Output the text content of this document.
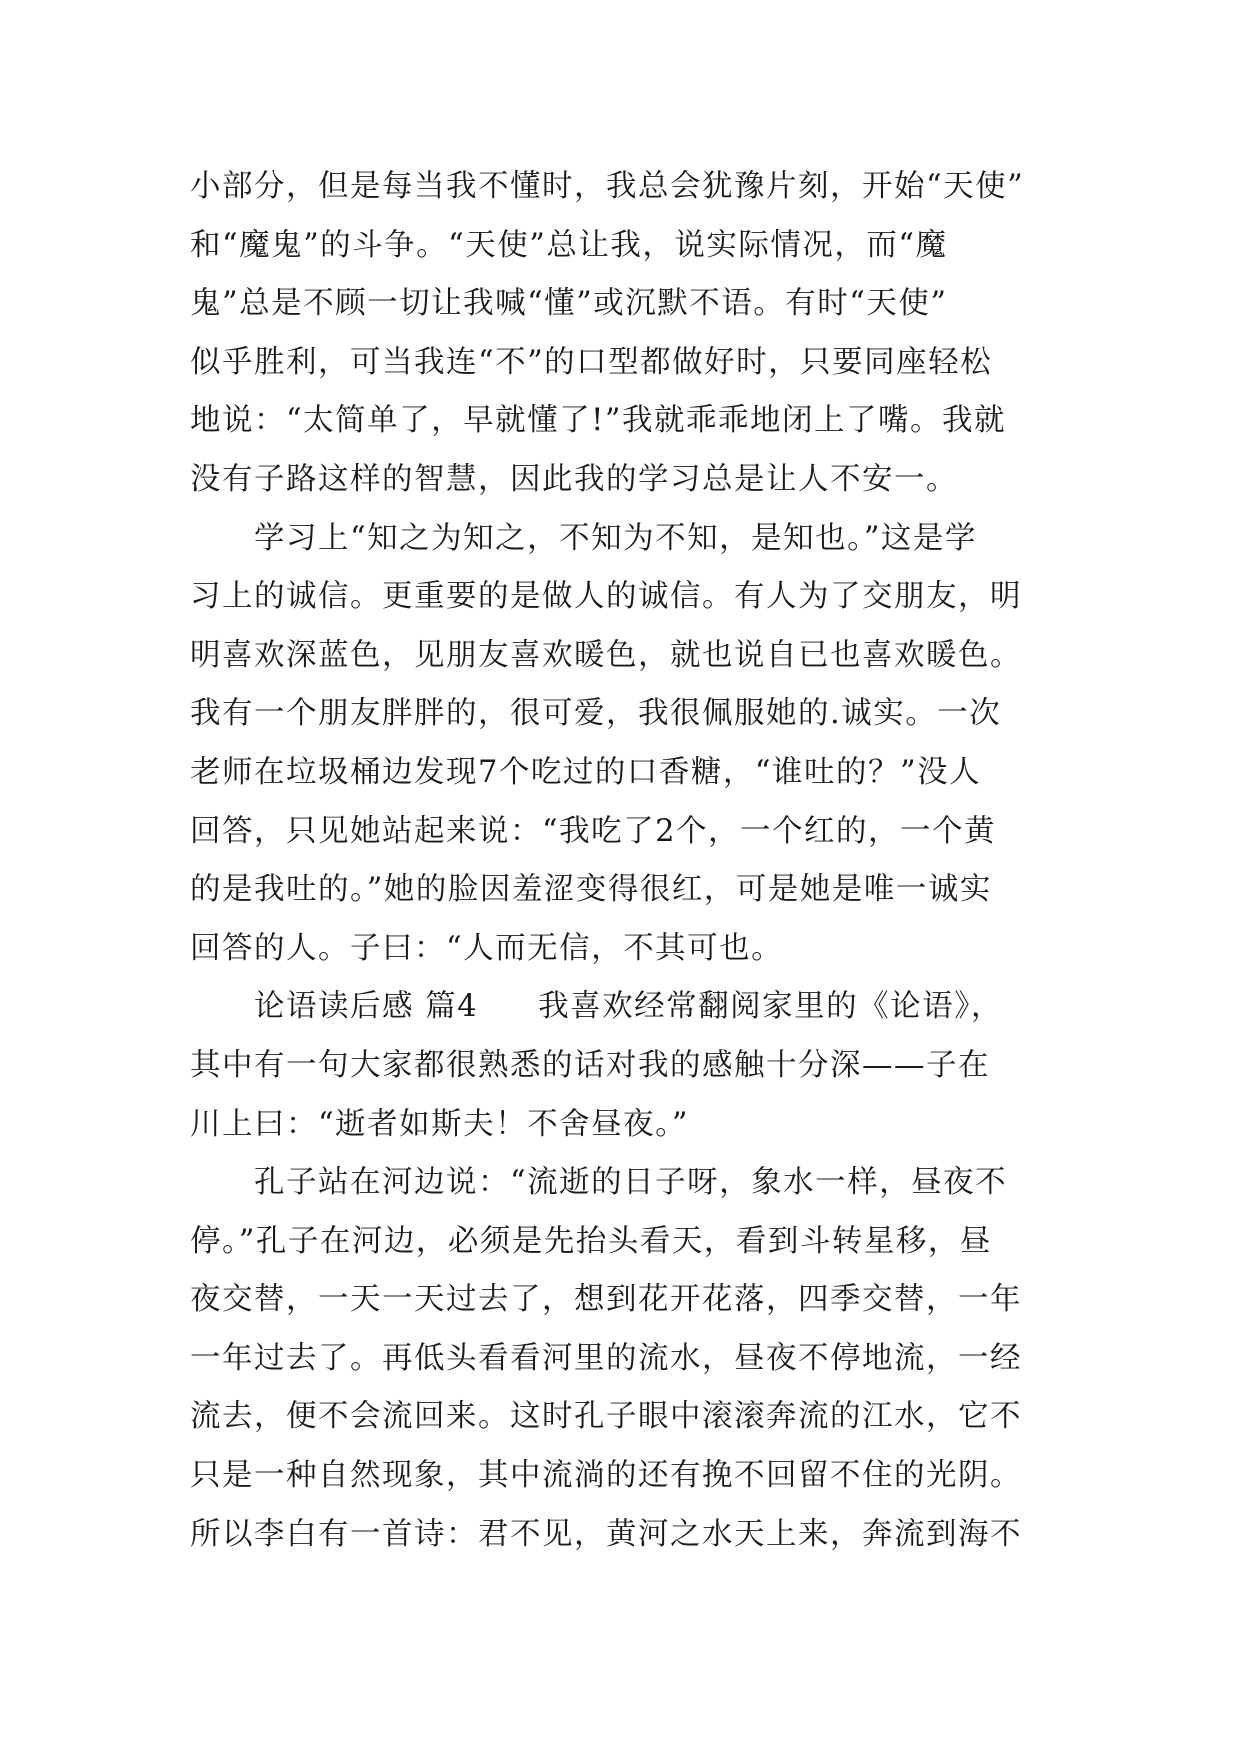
小部分，但是每当我不懂时，我总会犹豫片刻，开始“天使”
和“魔鬼”的斗争。“天使”总让我，说实际情况，而“魔
鬼”总是不顾一切让我喊“懂”或沉默不语。有时“天使”
似乎胜利，可当我连“不”的口型都做好时，只要同座轻松
地说：“太简单了，早就懂了!”我就乖乖地闭上了嘴。我就
没有子路这样的智慧，因此我的学习总是让人不安一。
学习上“知之为知之，不知为不知，是知也。”这是学
习上的诚信。更重要的是做人的诚信。有人为了交朋友，明
明喜欢深蓝色，见朋友喜欢暖色，就也说自已也喜欢暖色。
我有一个朋友胖胖的，很可爱，我很佩服她的.诚实。一次
老师在垃圾桶边发现7个吃过的口香糖，“谁吐的？”没人
回答，只见她站起来说：“我吃了2个，一个红的，一个黄
的是我吐的。”她的脸因羞涩变得很红，可是她是唯一诚实
回答的人。子曰：“人而无信，不其可也。
论语读后感 篇4 我喜欢经常翻阅家里的《论语》，
其中有一句大家都很熟悉的话对我的感触十分深——子在
川上曰：“逝者如斯夫！不舍昼夜。”
孔子站在河边说：“流逝的日子呀，象水一样，昼夜不
停。”孔子在河边，必须是先抬头看天，看到斗转星移，昼
夜交替，一天一天过去了，想到花开花落，四季交替，一年
一年过去了。再低头看看河里的流水，昼夜不停地流，一经
流去，便不会流回来。这时孔子眼中滚滚奔流的江水，它不
只是一种自然现象，其中流淌的还有挽不回留不住的光阴。
所以李白有一首诗：君不见，黄河之水天上来，奔流到海不
